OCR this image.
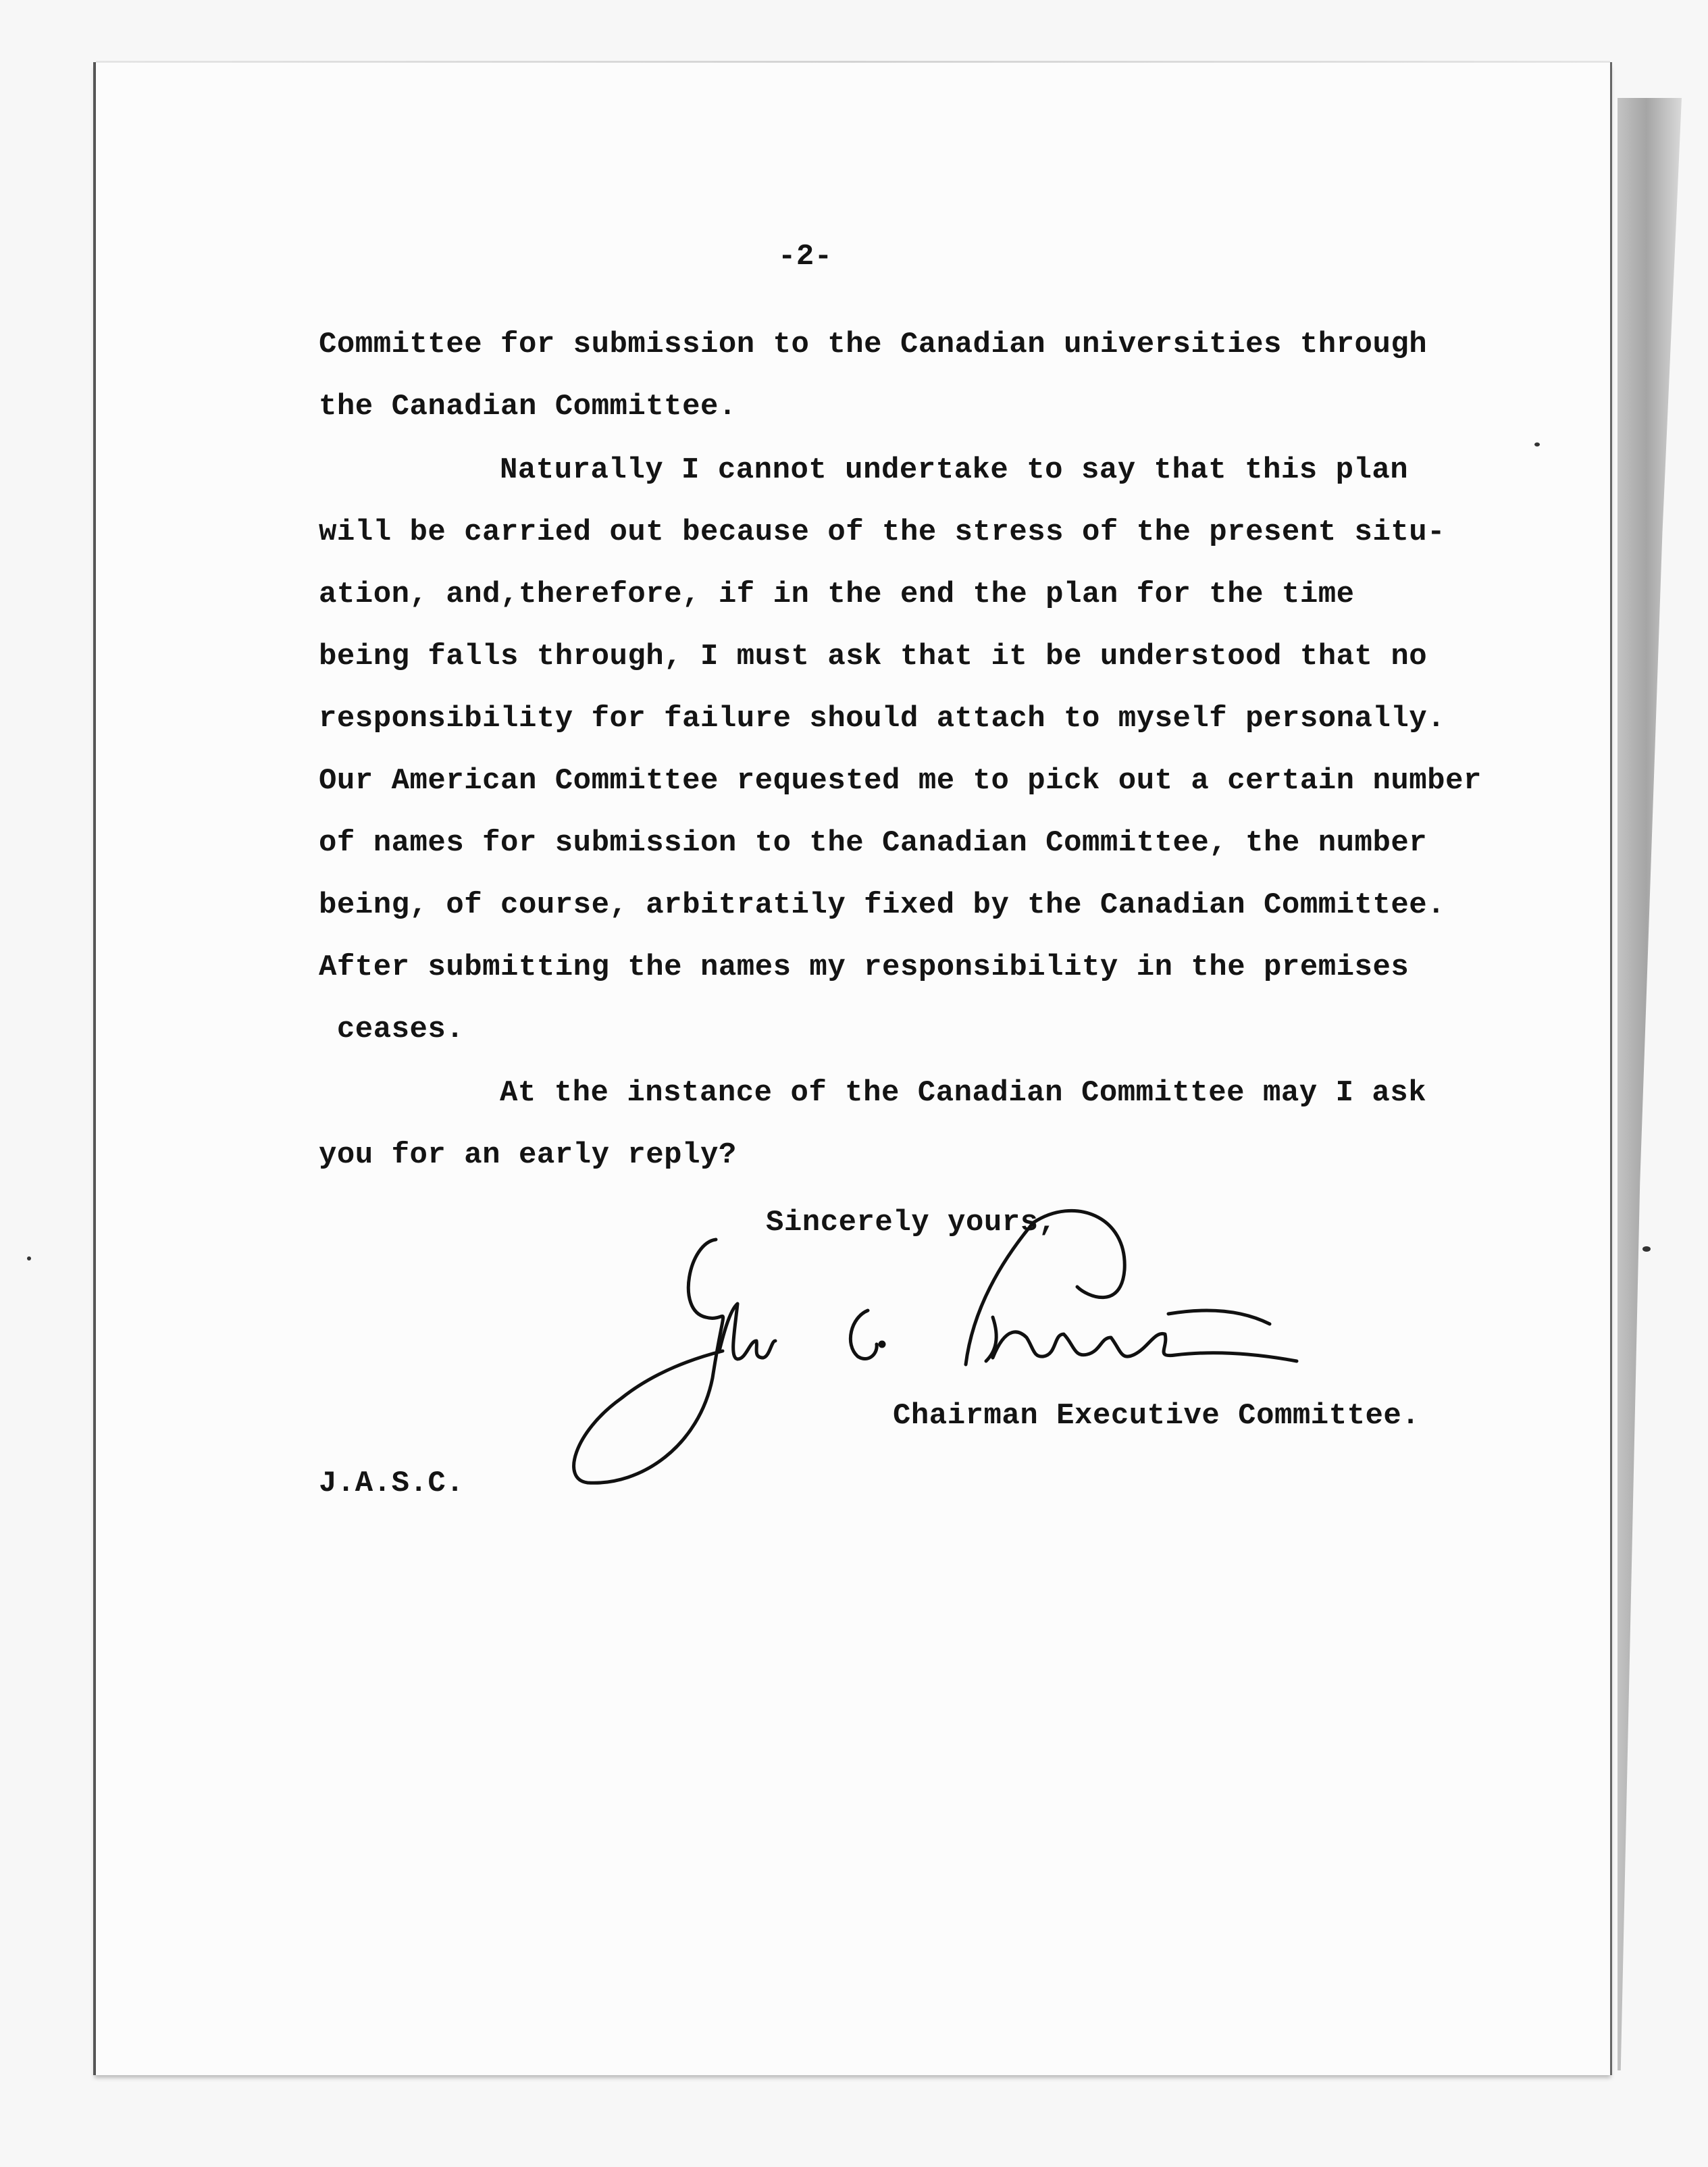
-2-
Committee for submission to the Canadian universities through
the Canadian Committee.
Naturally I cannot undertake to say that this plan
will be carried out because of the stress of the present situ-
ation, and,therefore, if in the end the plan for the time
being falls through, I must ask that it be understood that no
responsibility for failure should attach to myself personally.
Our American Committee requested me to pick out a certain number
of names for submission to the Canadian Committee, the number
being, of course, arbitratily fixed by the Canadian Committee.
After submitting the names my responsibility in the premises
ceases.
At the instance of the Canadian Committee may I ask
you for an early reply?
Sincerely yours,
Chairman Executive Committee.
J.A.S.C.
